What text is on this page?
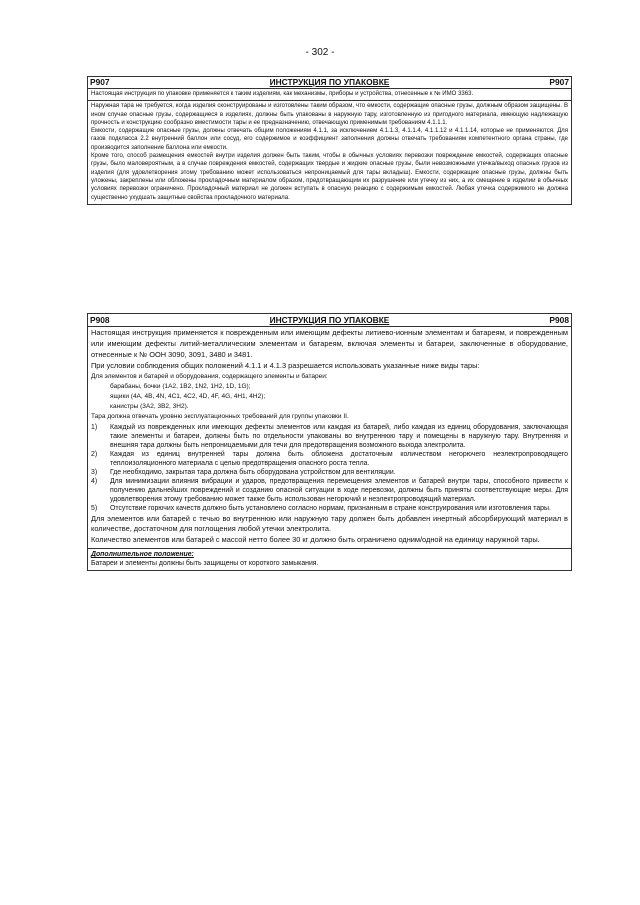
- 302 -
P907	ИНСТРУКЦИЯ ПО УПАКОВКЕ	P907

Настоящая инструкция по упаковке применяется к таким изделиям, как механизмы, приборы и устройства, отнесенные к № ИМО 3363.

Наружная тара не требуется, когда изделия сконструированы и изготовлены таким образом, что емкости, содержащие опасные грузы, должным образом защищены. В ином случае опасные грузы, содержащиеся в изделиях, должны быть упакованы в наружную тару, изготовленную из пригодного материала, имеющую надлежащую прочность и конструкцию сообразно вместимости тары и ее предназначению, отвечающую применимым требованиям 4.1.1.1.

Емкости, содержащие опасные грузы, должны отвечать общим положениям 4.1.1, за исключением 4.1.1.3, 4.1.1.4, 4.1.1.12 и 4.1.1.14, которые не применяются. Для газов подкласса 2.2 внутренний баллон или сосуд, его содержимое и коэффициент заполнения должны отвечать требованиям компетентного органа страны, где производится заполнение баллона или емкости.

Кроме того, способ размещения емкостей внутри изделия должен быть таким, чтобы в обычных условиях перевозки повреждение емкостей, содержащих опасные грузы, было маловероятным, а в случае повреждения емкостей, содержащих твердые и жидкие опасные грузы, были невозможными утечка/выход опасных грузов из изделия (для удовлетворения этому требованию может использоваться непроницаемый для тары вкладыш). Емкости, содержащие опасные грузы, должны быть уложены, закреплены или обложены прокладочным материалом образом, предотвращающим их разрушение или утечку из них, а их смещение в изделии в обычных условиях перевозки ограничено. Прокладочный материал не должен вступать в опасную реакцию с содержимым емкостей. Любая утечка содержимого не должна существенно ухудшать защитные свойства прокладочного материала.

P908	ИНСТРУКЦИЯ ПО УПАКОВКЕ	P908

Настоящая инструкция применяется к поврежденным или имеющим дефекты литиево-ионным элементам и батареям, и поврежденным или имеющим дефекты литий-металлическим элементам и батареям, включая элементы и батареи, заключенные в оборудование, отнесенные к № ООН 3090, 3091, 3480 и 3481.

При условии соблюдения общих положений 4.1.1 и 4.1.3 разрешается использовать указанные ниже виды тары:

Для элементов и батарей и оборудования, содержащего элементы и батареи:

барабаны, бочки (1A2, 1B2, 1N2, 1H2, 1D, 1G);

ящики (4A, 4B, 4N, 4C1, 4C2, 4D, 4F, 4G, 4H1, 4H2);

канистры (3A2, 3B2, 3H2).

Тара должна отвечать уровню эксплуатационных требований для группы упаковки II.

1)	Каждый из поврежденных или имеющих дефекты элементов или каждая из батарей, либо каждая из единиц оборудования, заключающая такие элементы и батареи, должны быть по отдельности упакованы во внутреннюю тару и помещены в наружную тару. Внутренняя и внешняя тара должны быть непроницаемыми для течи для предотвращения возможного выхода электролита.
2)	Каждая из единиц внутренней тары должна быть обложена достаточным количеством негорючего неэлектропроводящего теплоизоляционного материала с целью предотвращения опасного роста тепла.
3)	Где необходимо, закрытая тара должна быть оборудована устройством для вентиляции.
4)	Для минимизации влияния вибрации и ударов, предотвращения перемещения элементов и батарей внутри тары, способного привести к получению дальнейших повреждений и созданию опасной ситуации в ходе перевозки, должны быть приняты соответствующие меры. Для удовлетворения этому требованию может также быть использован негорючий и неэлектропроводящий материал.
5)	Отсутствие горючих качеств должно быть установлено согласно нормам, признанным в стране конструирования или изготовления тары.

Для элементов или батарей с течью во внутреннюю или наружную тару должен быть добавлен инертный абсорбирующий материал в количестве, достаточном для поглощения любой утечки электролита.

Количество элементов или батарей с массой нетто более 30 кг должно быть ограничено одним/одной на единицу наружной тары.

Дополнительное положение:
Батареи и элементы должны быть защищены от короткого замыкания.
